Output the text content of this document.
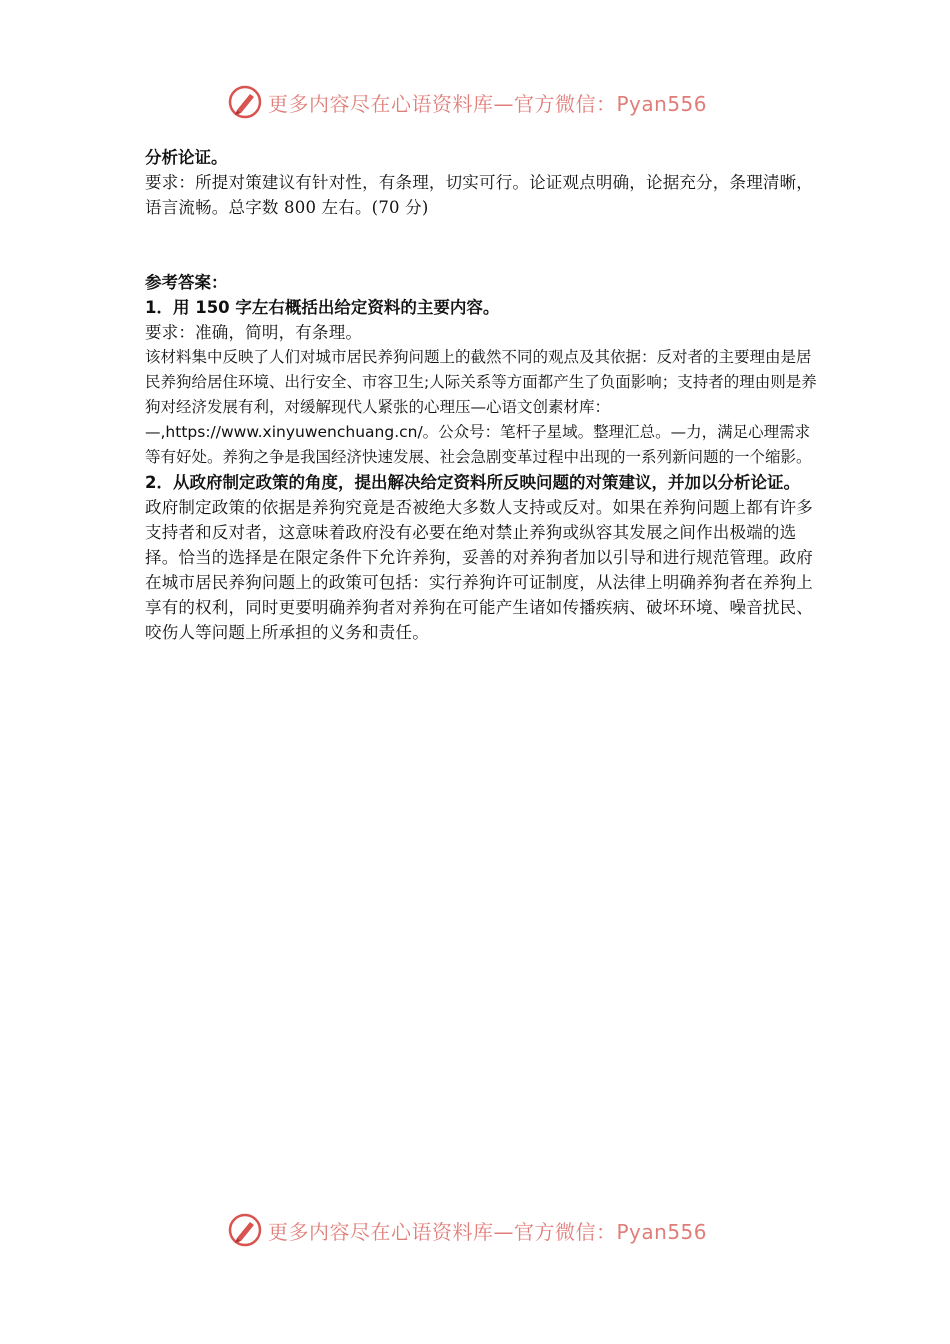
更多内容尽在心语资料库—官方微信：Pyan556

分析论证。

要求：所提对策建议有针对性，有条理，切实可行。论证观点明确，论据充分，条理清晰，语言流畅。总字数 800 左右。(70 分)

参考答案：

1．用 150 字左右概括出给定资料的主要内容。

要求：准确，简明，有条理。

该材料集中反映了人们对城市居民养狗问题上的截然不同的观点及其依据：反对者的主要理由是居民养狗给居住环境、出行安全、市容卫生;人际关系等方面都产生了负面影响；支持者的理由则是养狗对经济发展有利，对缓解现代人紧张的心理压—心语文创素材库：—,https://www.xinyuwenchuang.cn/。公众号：笔杆子星域。整理汇总。—力，满足心理需求等有好处。养狗之争是我国经济快速发展、社会急剧变革过程中出现的一系列新问题的一个缩影。

2．从政府制定政策的角度，提出解决给定资料所反映问题的对策建议，并加以分析论证。

政府制定政策的依据是养狗究竟是否被绝大多数人支持或反对。如果在养狗问题上都有许多支持者和反对者，这意味着政府没有必要在绝对禁止养狗或纵容其发展之间作出极端的选择。恰当的选择是在限定条件下允许养狗，妥善的对养狗者加以引导和进行规范管理。政府在城市居民养狗问题上的政策可包括：实行养狗许可证制度，从法律上明确养狗者在养狗上享有的权利，同时更要明确养狗者对养狗在可能产生诸如传播疾病、破坏环境、噪音扰民、咬伤人等问题上所承担的义务和责任。

更多内容尽在心语资料库—官方微信：Pyan556
